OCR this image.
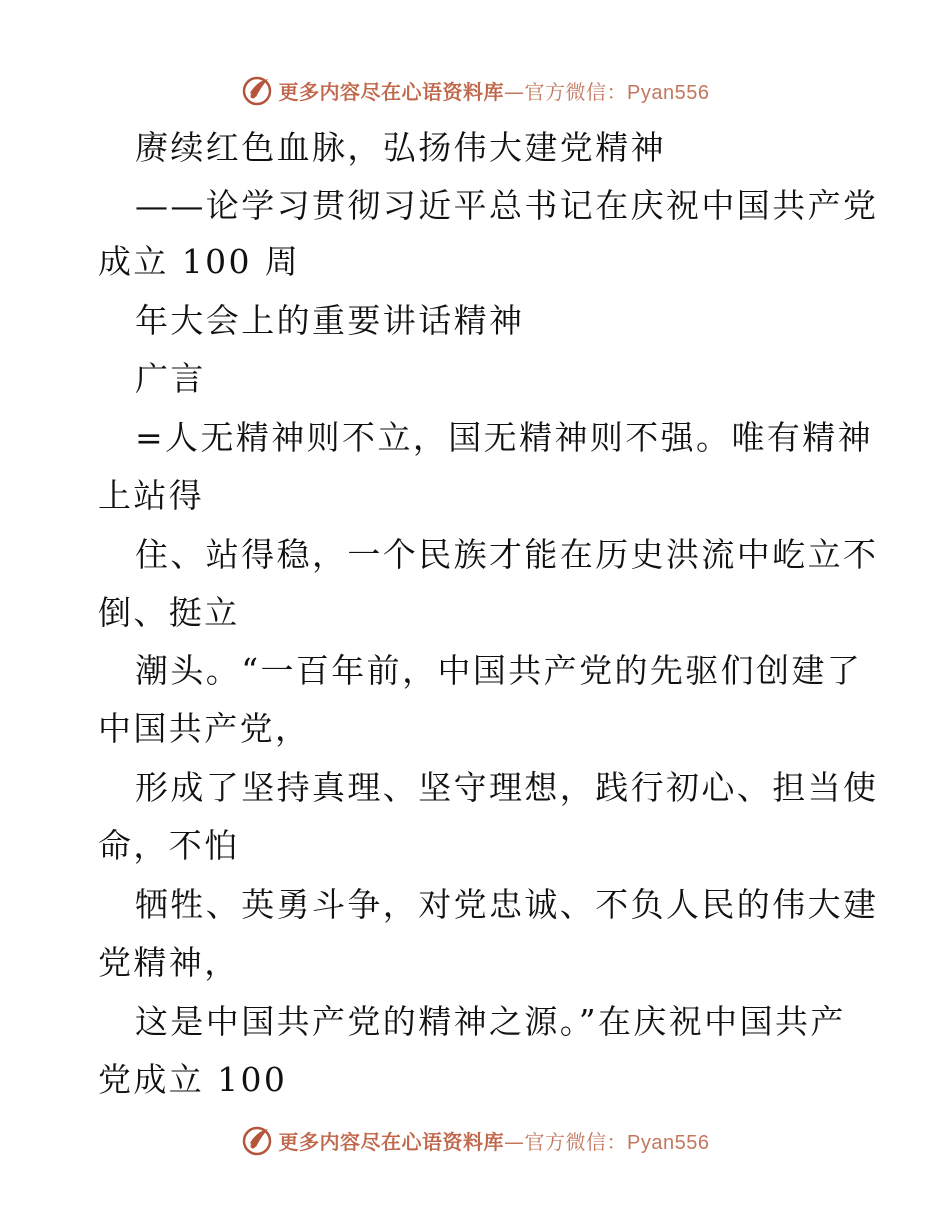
更多内容尽在心语资料库—官方微信：Pyan556
赓续红色血脉，弘扬伟大建党精神
——论学习贯彻习近平总书记在庆祝中国共产党
成立 100 周
年大会上的重要讲话精神
广言
=人无精神则不立，国无精神则不强。唯有精神
上站得
住、站得稳，一个民族才能在历史洪流中屹立不
倒、挺立
潮头。“一百年前，中国共产党的先驱们创建了
中国共产党，
形成了坚持真理、坚守理想，践行初心、担当使
命，不怕
牺牲、英勇斗争，对党忠诚、不负人民的伟大建
党精神，
这是中国共产党的精神之源。”在庆祝中国共产
党成立 100
更多内容尽在心语资料库—官方微信：Pyan556
